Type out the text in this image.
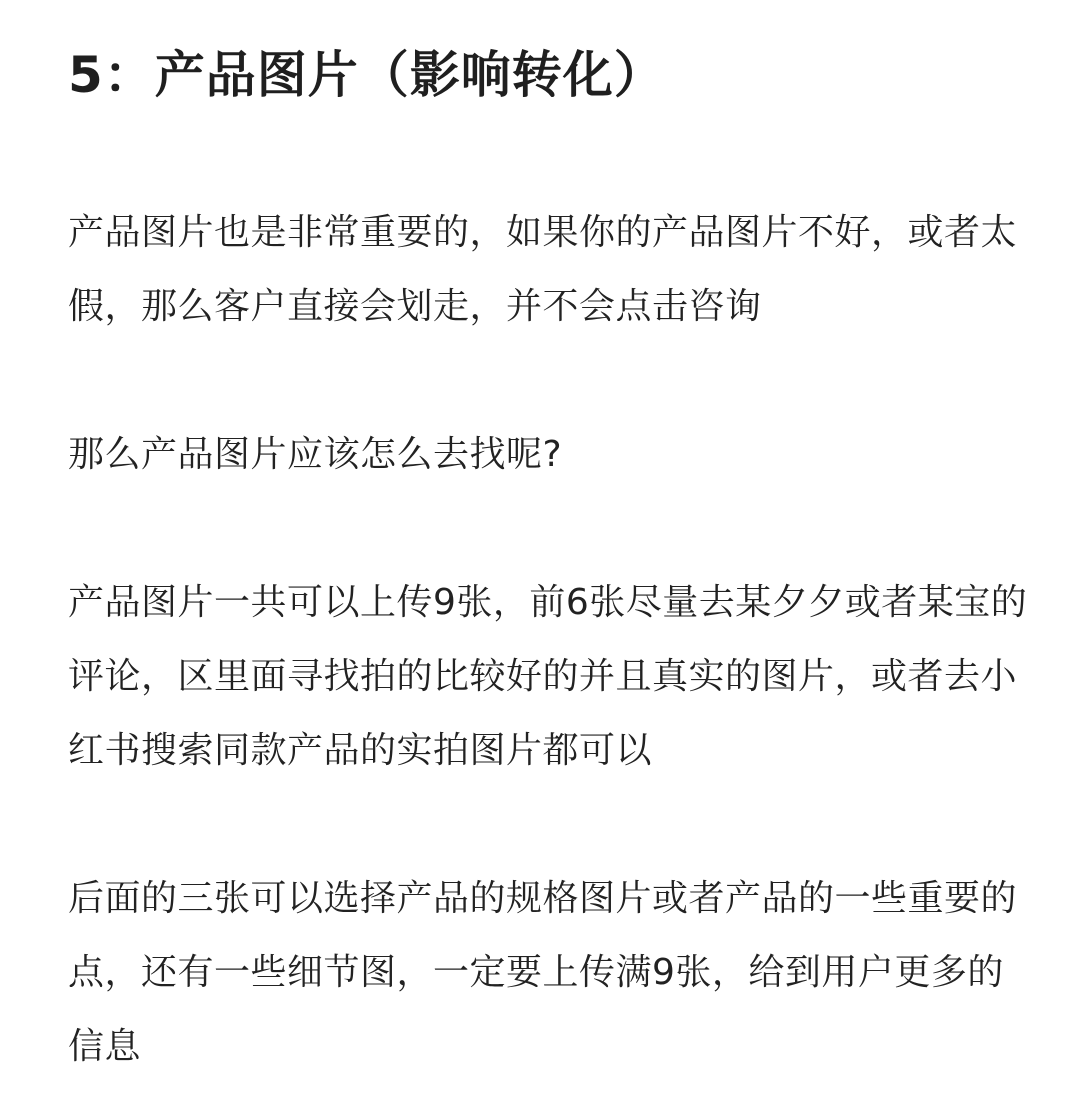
5：产品图片（影响转化）

产品图片也是非常重要的，如果你的产品图片不好，或者太假，那么客户直接会划走，并不会点击咨询

那么产品图片应该怎么去找呢?

产品图片一共可以上传9张，前6张尽量去某夕夕或者某宝的评论，区里面寻找拍的比较好的并且真实的图片，或者去小红书搜索同款产品的实拍图片都可以

后面的三张可以选择产品的规格图片或者产品的一些重要的点，还有一些细节图，一定要上传满9张，给到用户更多的信息
